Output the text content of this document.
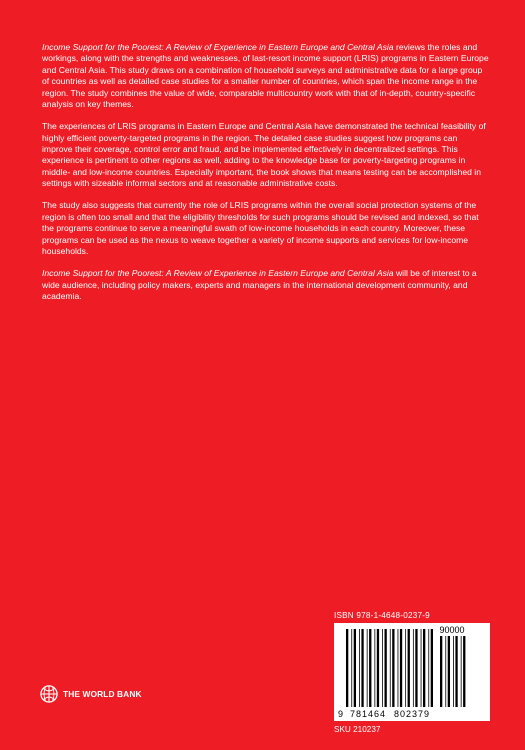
Income Support for the Poorest: A Review of Experience in Eastern Europe and Central Asia reviews the roles and workings, along with the strengths and weaknesses, of last-resort income support (LRIS) programs in Eastern Europe and Central Asia. This study draws on a combination of household surveys and administrative data for a large group of countries as well as detailed case studies for a smaller number of countries, which span the income range in the region. The study combines the value of wide, comparable multicountry work with that of in-depth, country-specific analysis on key themes.

The experiences of LRIS programs in Eastern Europe and Central Asia have demonstrated the technical feasibility of highly efficient poverty-targeted programs in the region. The detailed case studies suggest how programs can improve their coverage, control error and fraud, and be implemented effectively in decentralized settings. This experience is pertinent to other regions as well, adding to the knowledge base for poverty-targeting programs in middle- and low-income countries. Especially important, the book shows that means testing can be accomplished in settings with sizeable informal sectors and at reasonable administrative costs.

The study also suggests that currently the role of LRIS programs within the overall social protection systems of the region is often too small and that the eligibility thresholds for such programs should be revised and indexed, so that the programs continue to serve a meaningful swath of low-income households in each country. Moreover, these programs can be used as the nexus to weave together a variety of income supports and services for low-income households.

Income Support for the Poorest: A Review of Experience in Eastern Europe and Central Asia will be of interest to a wide audience, including policy makers, experts and managers in the international development community, and academia.

ISBN 978-1-4648-0237-9
90000
9 781464 802379
SKU 210237
THE WORLD BANK
